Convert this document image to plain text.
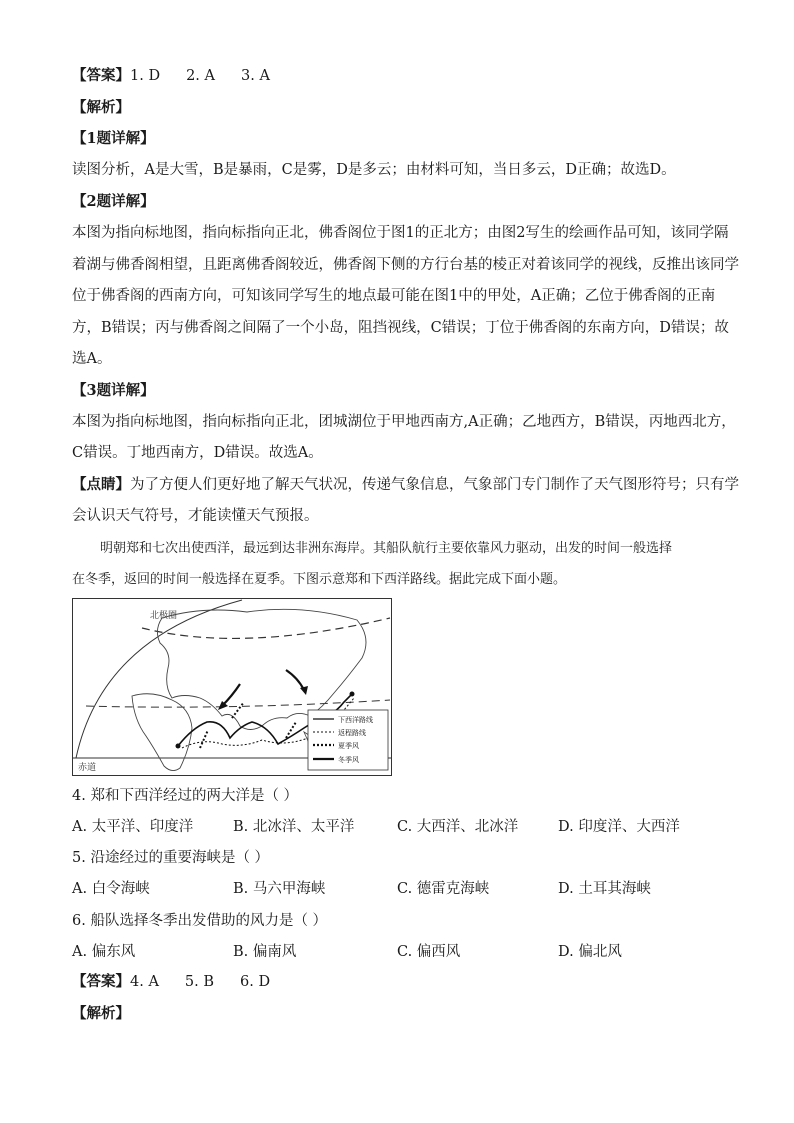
【答案】1. D 2. A 3. A
【解析】
【1题详解】
读图分析，A是大雪，B是暴雨，C是雾，D是多云；由材料可知，当日多云，D正确；故选D。
【2题详解】
本图为指向标地图，指向标指向正北，佛香阁位于图1的正北方；由图2写生的绘画作品可知，该同学隔
着湖与佛香阁相望，且距离佛香阁较近，佛香阁下侧的方行台基的棱正对着该同学的视线，反推出该同学
位于佛香阁的西南方向，可知该同学写生的地点最可能在图1中的甲处，A正确；乙位于佛香阁的正南
方，B错误；丙与佛香阁之间隔了一个小岛，阻挡视线，C错误；丁位于佛香阁的东南方向，D错误；故
选A。
【3题详解】
本图为指向标地图，指向标指向正北，团城湖位于甲地西南方,A正确；乙地西方，B错误，丙地西北方，
C错误。丁地西南方，D错误。故选A。
【点睛】为了方便人们更好地了解天气状况，传递气象信息，气象部门专门制作了天气图形符号；只有学
会认识天气符号，才能读懂天气预报。
明朝郑和七次出使西洋，最远到达非洲东海岸。其船队航行主要依靠风力驱动，出发的时间一般选择
在冬季，返回的时间一般选择在夏季。下图示意郑和下西洋路线。据此完成下面小题。
北极圈
赤道
下西洋路线
返程路线
夏季风
冬季风
4. 郑和下西洋经过的两大洋是（ ）
A. 太平洋、印度洋	B. 北冰洋、太平洋	C. 大西洋、北冰洋	D. 印度洋、大西洋
5. 沿途经过的重要海峡是（ ）
A. 白令海峡	B. 马六甲海峡	C. 德雷克海峡	D. 土耳其海峡
6. 船队选择冬季出发借助的风力是（ ）
A. 偏东风	B. 偏南风	C. 偏西风	D. 偏北风
【答案】4. A 5. B 6. D
【解析】
